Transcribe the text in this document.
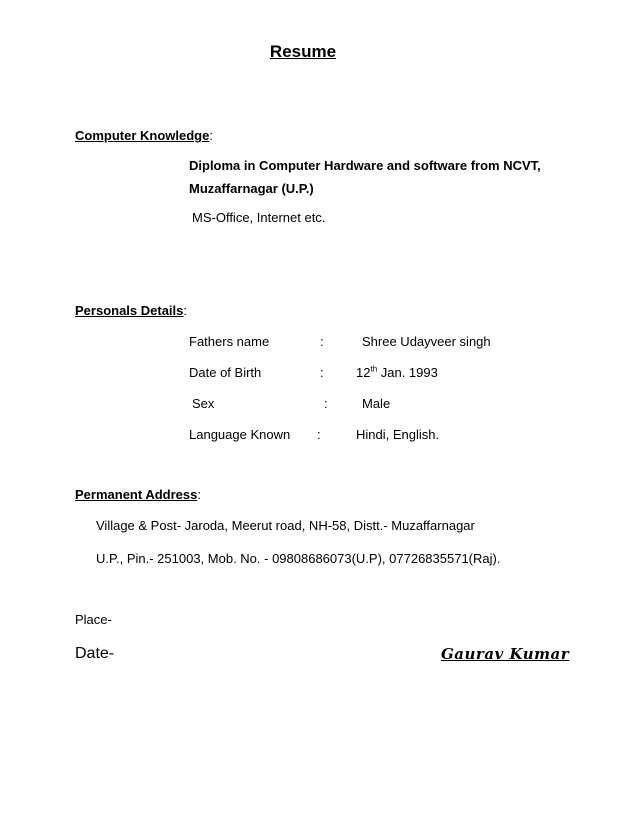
Resume
Computer Knowledge:
Diploma in Computer Hardware and software from NCVT,
Muzaffarnagar (U.P.)
MS-Office, Internet etc.
Personals Details:
Fathers name	:	Shree Udayveer singh
Date of Birth	: 12th Jan. 1993
Sex	:	Male
Language Known :	Hindi, English.
Permanent Address:
Village & Post- Jaroda, Meerut road, NH-58, Distt.- Muzaffarnagar
U.P., Pin.- 251003, Mob. No. - 09808686073(U.P), 07726835571(Raj).
Place-
Date-	Gaurav Kumar
